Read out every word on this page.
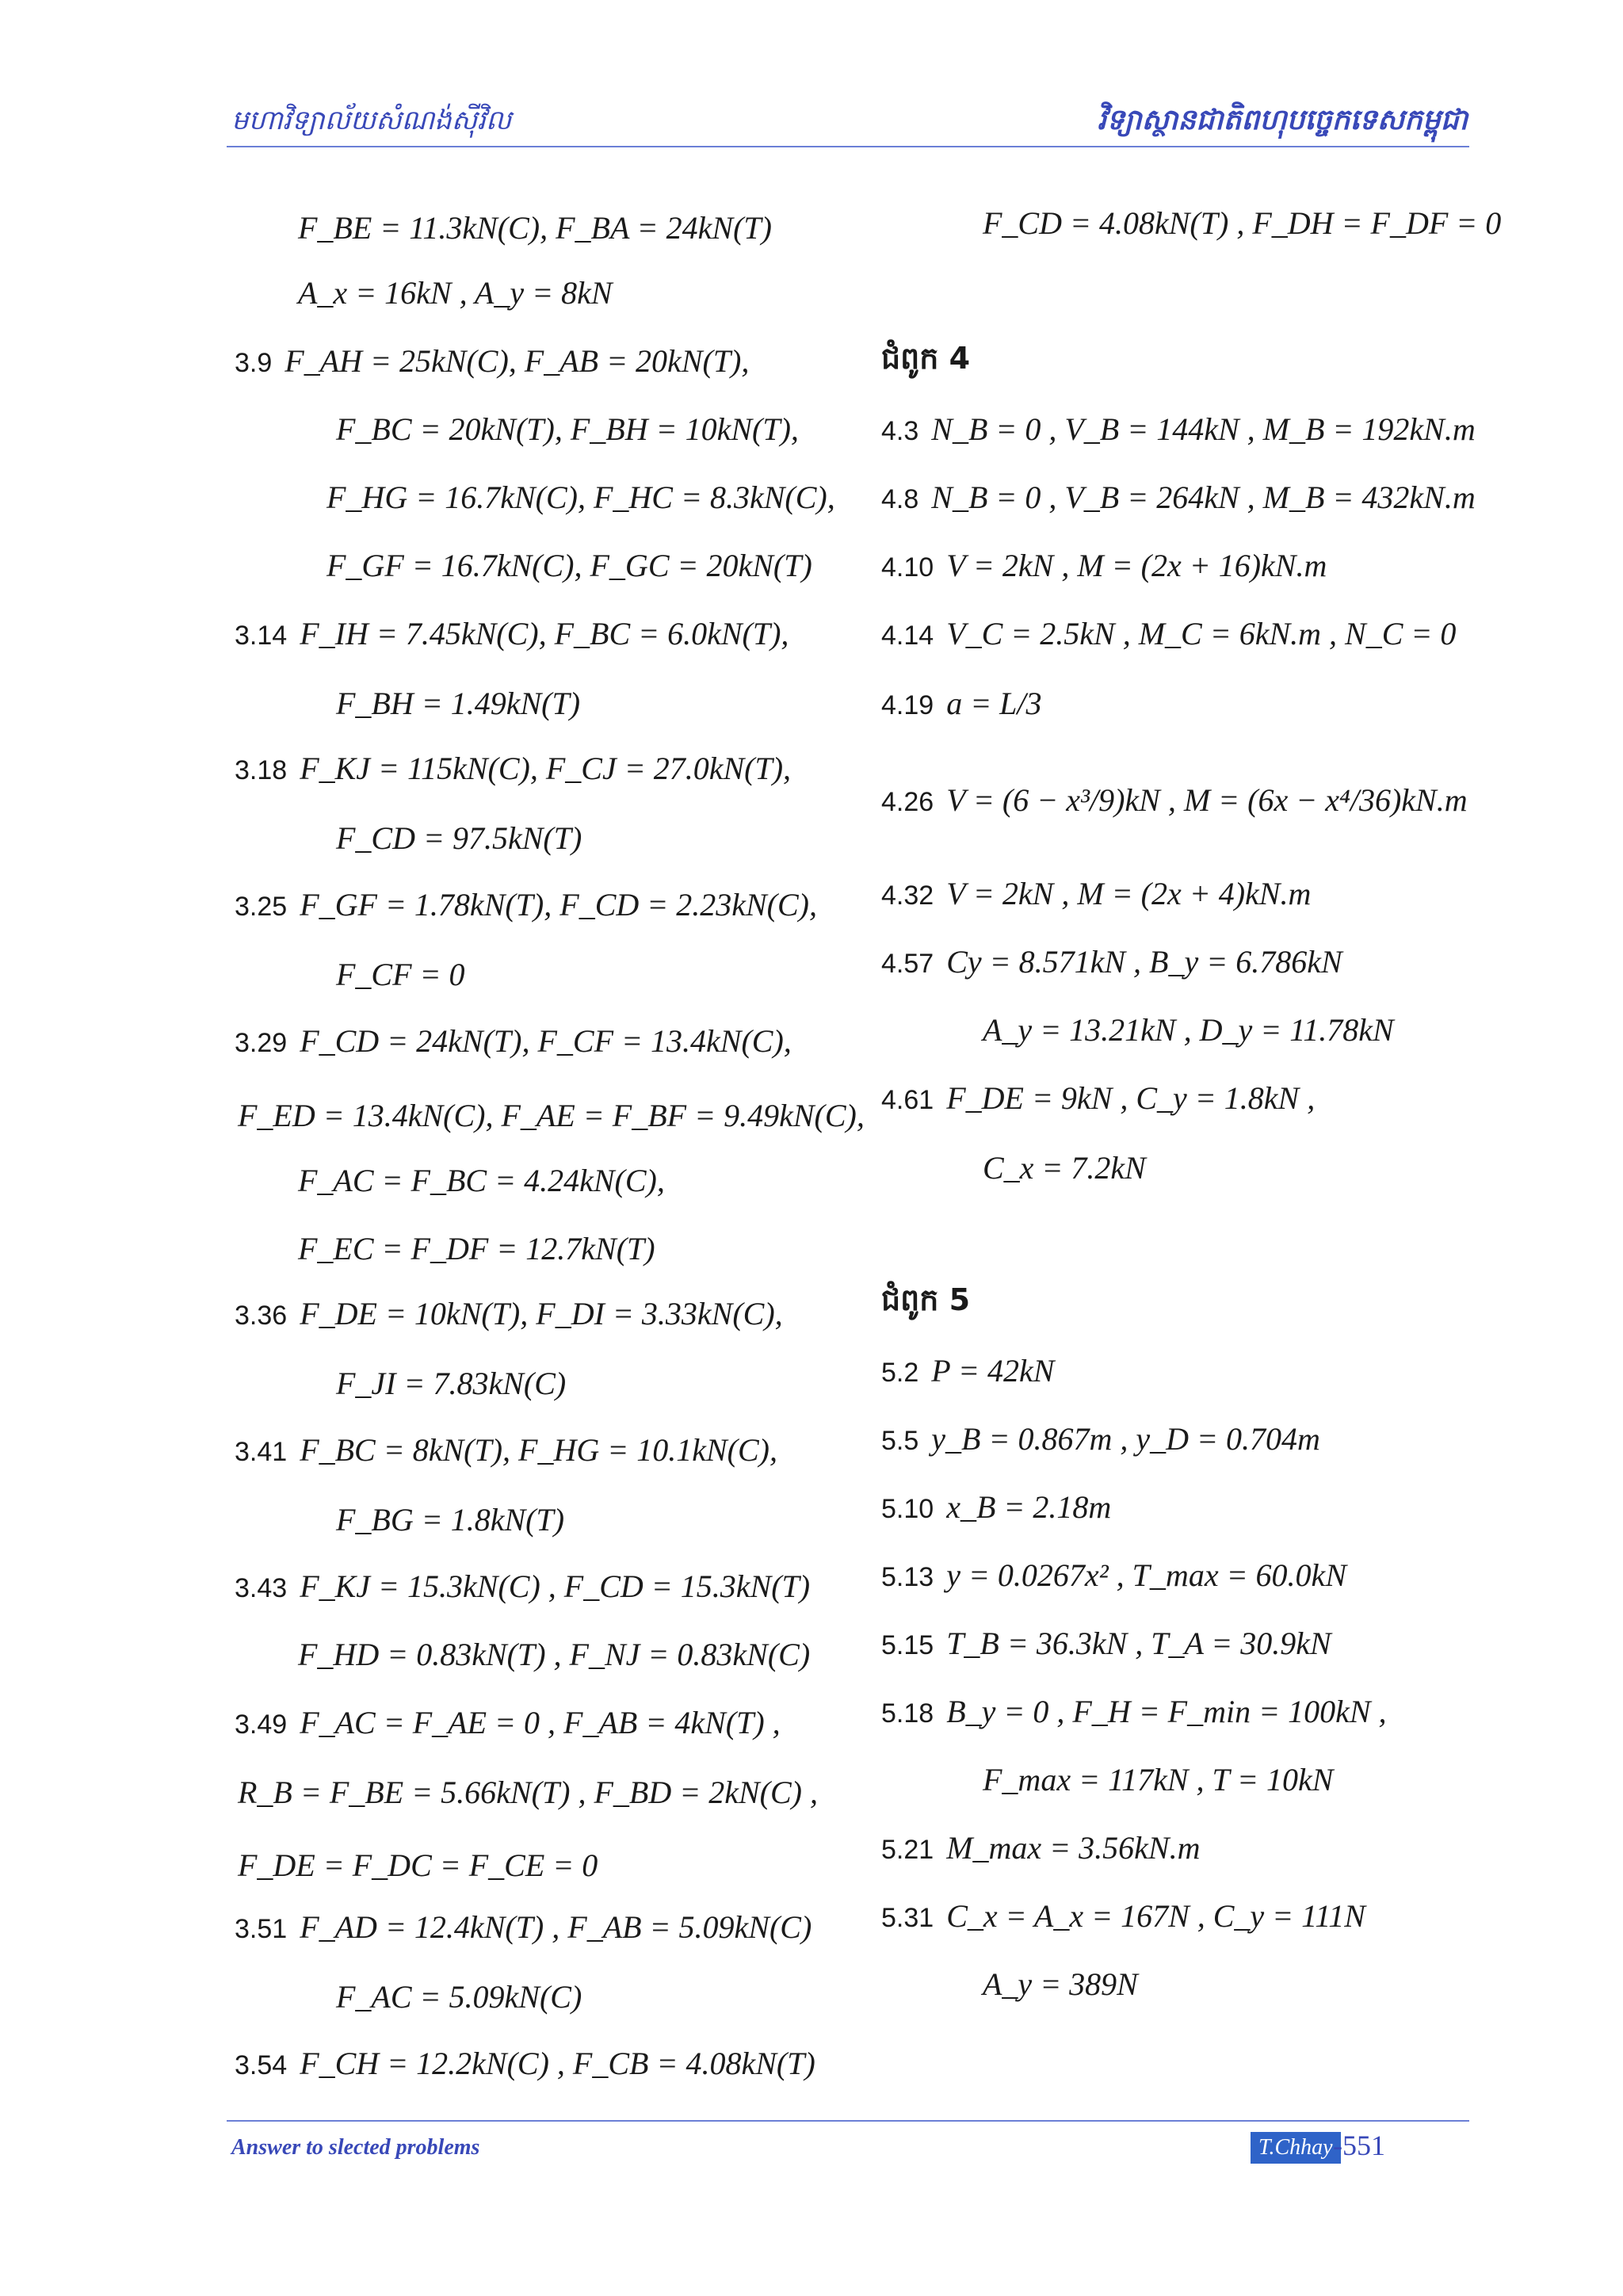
មហាវិទ្យាល័យសំណង់ស៊ីវិល	វិទ្យាស្ថានជាតិពហុបច្ចេកទេសកម្ពុជា
F_BE = 11.3kN(C), F_BA = 24kN(T)
A_x = 16kN , A_y = 8kN
3.9 F_AH = 25kN(C), F_AB = 20kN(T),
F_BC = 20kN(T), F_BH = 10kN(T),
F_HG = 16.7kN(C), F_HC = 8.3kN(C),
F_GF = 16.7kN(C), F_GC = 20kN(T)
3.14 F_IH = 7.45kN(C), F_BC = 6.0kN(T),
F_BH = 1.49kN(T)
3.18 F_KJ = 115kN(C), F_CJ = 27.0kN(T),
F_CD = 97.5kN(T)
3.25 F_GF = 1.78kN(T), F_CD = 2.23kN(C),
F_CF = 0
3.29 F_CD = 24kN(T), F_CF = 13.4kN(C),
F_ED = 13.4kN(C), F_AE = F_BF = 9.49kN(C),
F_AC = F_BC = 4.24kN(C),
F_EC = F_DF = 12.7kN(T)
3.36 F_DE = 10kN(T), F_DI = 3.33kN(C),
F_JI = 7.83kN(C)
3.41 F_BC = 8kN(T), F_HG = 10.1kN(C),
F_BG = 1.8kN(T)
3.43 F_KJ = 15.3kN(C) , F_CD = 15.3kN(T)
F_HD = 0.83kN(T) , F_NJ = 0.83kN(C)
3.49 F_AC = F_AE = 0 , F_AB = 4kN(T) ,
R_B = F_BE = 5.66kN(T) , F_BD = 2kN(C) ,
F_DE = F_DC = F_CE = 0
3.51 F_AD = 12.4kN(T) , F_AB = 5.09kN(C)
F_AC = 5.09kN(C)
3.54 F_CH = 12.2kN(C) , F_CB = 4.08kN(T)
F_CD = 4.08kN(T) , F_DH = F_DF = 0
ជំពូក 4
4.3 N_B = 0 , V_B = 144kN , M_B = 192kN.m
4.8 N_B = 0 , V_B = 264kN , M_B = 432kN.m
4.10 V = 2kN , M = (2x + 16)kN.m
4.14 V_C = 2.5kN , M_C = 6kN.m , N_C = 0
4.19 a = L/3
4.26 V = (6 − x³/9)kN , M = (6x − x⁴/36)kN.m
4.32 V = 2kN , M = (2x + 4)kN.m
4.57 Cy = 8.571kN , B_y = 6.786kN
A_y = 13.21kN , D_y = 11.78kN
4.61 F_DE = 9kN , C_y = 1.8kN ,
C_x = 7.2kN
ជំពូក 5
5.2 P = 42kN
5.5 y_B = 0.867m , y_D = 0.704m
5.10 x_B = 2.18m
5.13 y = 0.0267x² , T_max = 60.0kN
5.15 T_B = 36.3kN , T_A = 30.9kN
5.18 B_y = 0 , F_H = F_min = 100kN ,
F_max = 117kN , T = 10kN
5.21 M_max = 3.56kN.m
5.31 C_x = A_x = 167N , C_y = 111N
A_y = 389N
Answer to slected problems	T.Chhay -551
